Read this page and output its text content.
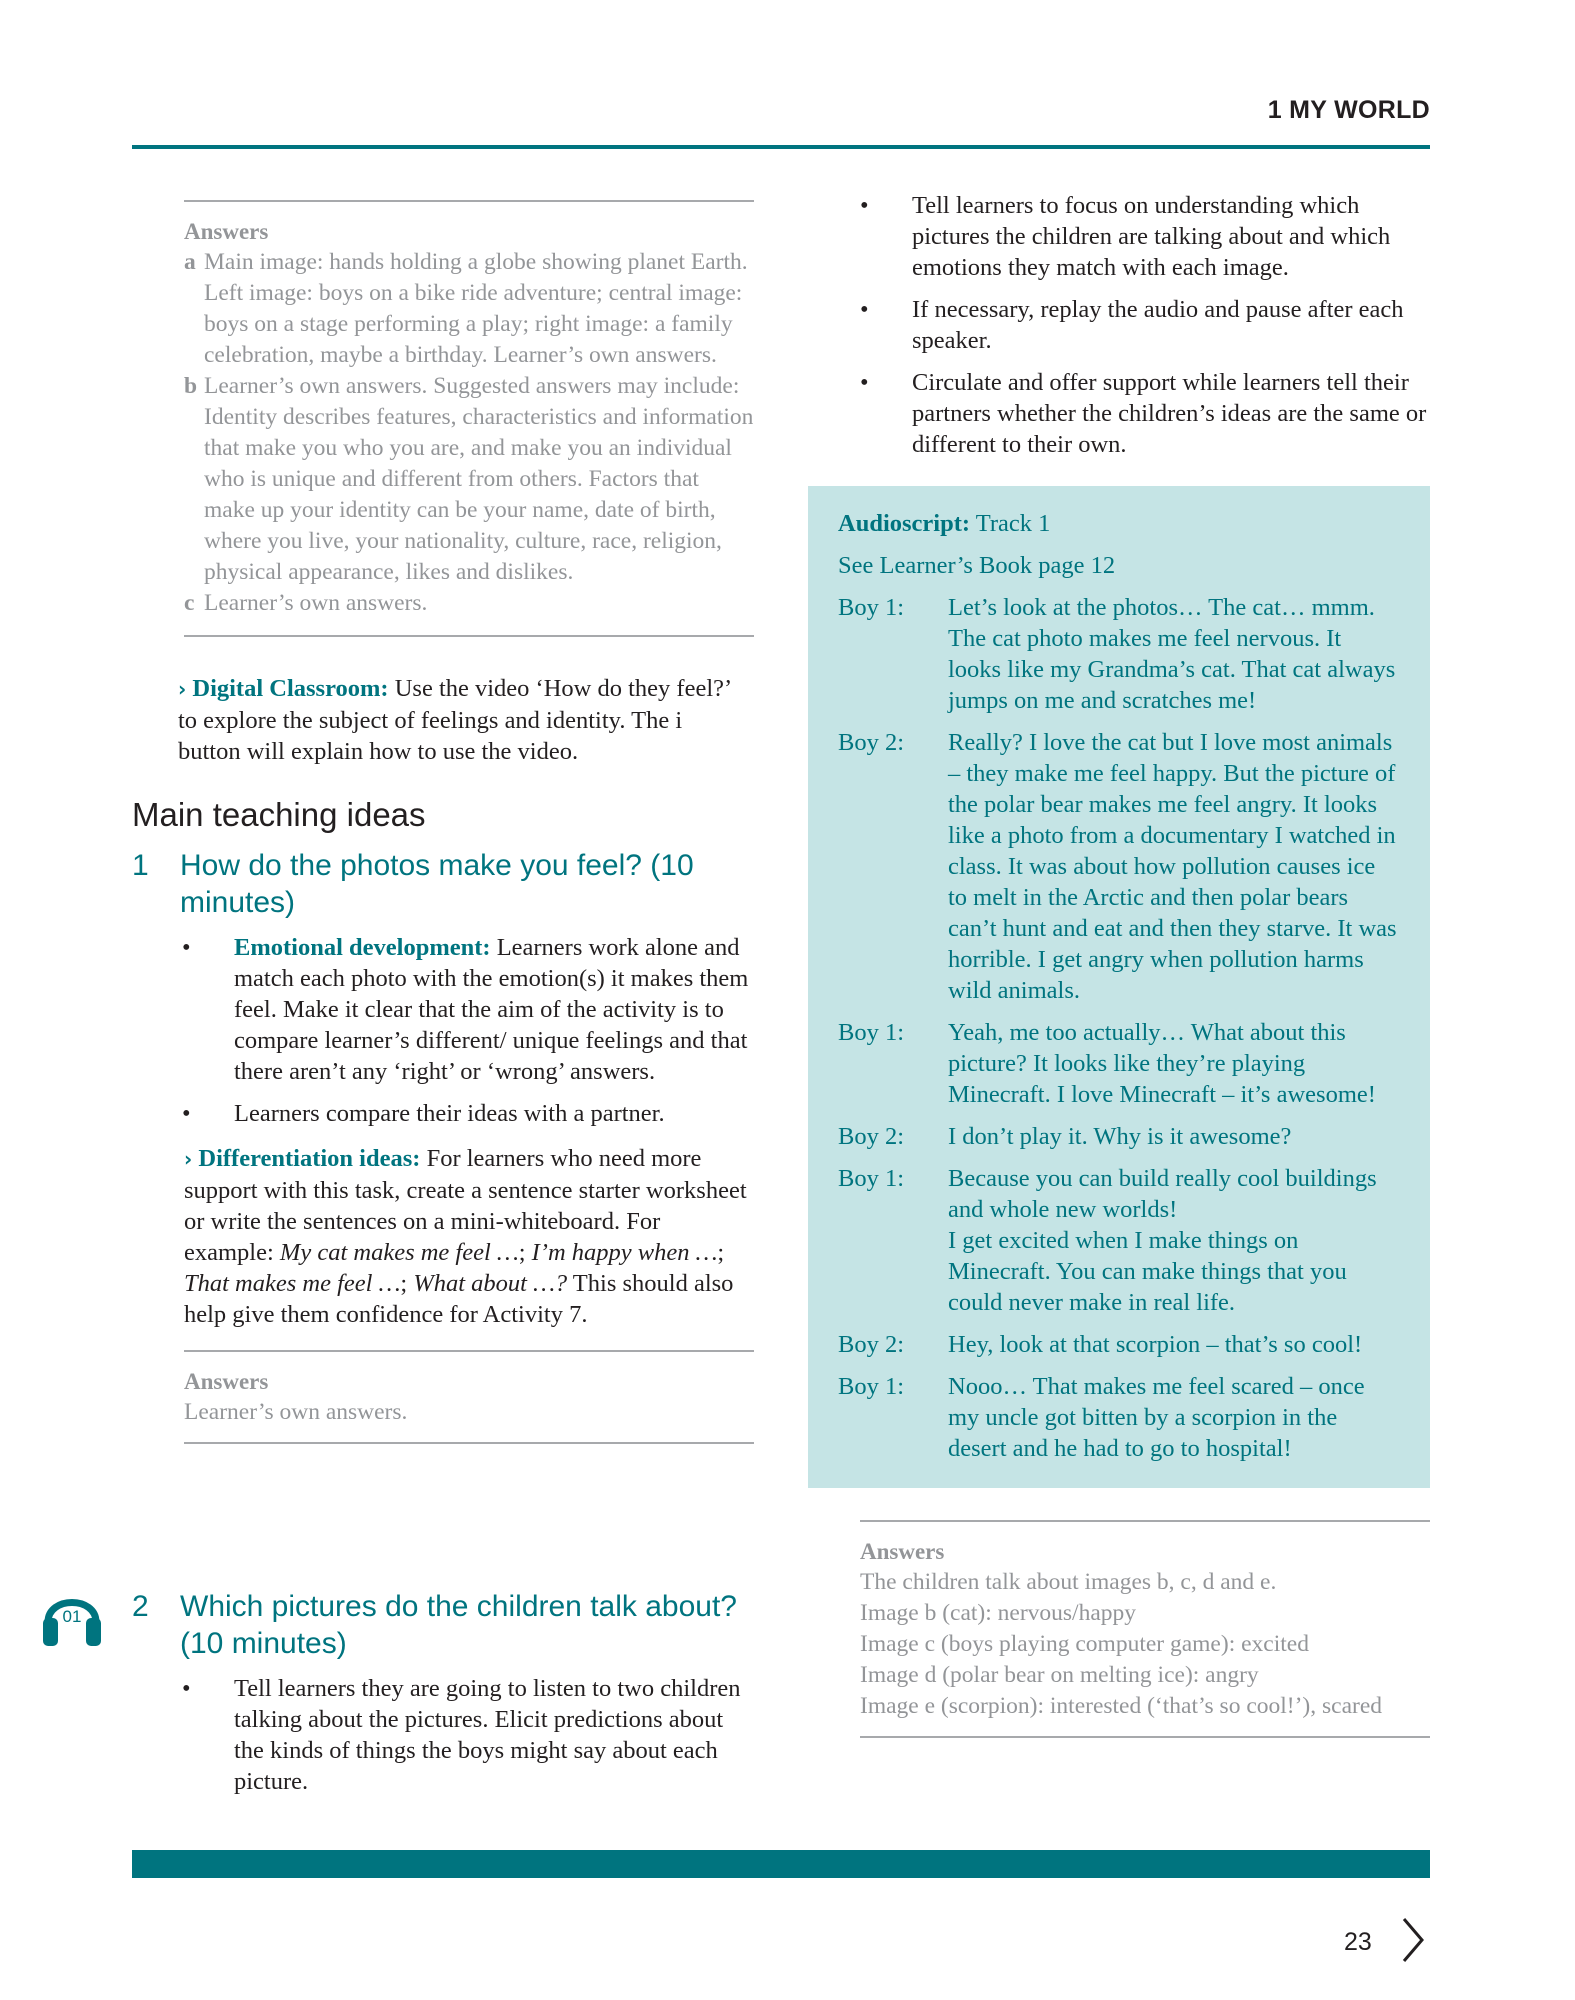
1 MY WORLD
Answers
a Main image: hands holding a globe showing planet Earth. Left image: boys on a bike ride adventure; central image: boys on a stage performing a play; right image: a family celebration, maybe a birthday. Learner’s own answers.
b Learner’s own answers. Suggested answers may include: Identity describes features, characteristics and information that make you who you are, and make you an individual who is unique and different from others. Factors that make up your identity can be your name, date of birth, where you live, your nationality, culture, race, religion, physical appearance, likes and dislikes.
c Learner’s own answers.
› Digital Classroom: Use the video ‘How do they feel?’ to explore the subject of feelings and identity. The i button will explain how to use the video.
Main teaching ideas
1 How do the photos make you feel? (10 minutes)
• Emotional development: Learners work alone and match each photo with the emotion(s) it makes them feel. Make it clear that the aim of the activity is to compare learner’s different/ unique feelings and that there aren’t any ‘right’ or ‘wrong’ answers.
• Learners compare their ideas with a partner.
› Differentiation ideas: For learners who need more support with this task, create a sentence starter worksheet or write the sentences on a mini-whiteboard. For example: My cat makes me feel …; I’m happy when …; That makes me feel …; What about …? This should also help give them confidence for Activity 7.
Answers
Learner’s own answers.
01 2 Which pictures do the children talk about? (10 minutes)
• Tell learners they are going to listen to two children talking about the pictures. Elicit predictions about the kinds of things the boys might say about each picture.
• Tell learners to focus on understanding which pictures the children are talking about and which emotions they match with each image.
• If necessary, replay the audio and pause after each speaker.
• Circulate and offer support while learners tell their partners whether the children’s ideas are the same or different to their own.
Audioscript: Track 1
See Learner’s Book page 12
Boy 1:	Let’s look at the photos… The cat… mmm. The cat photo makes me feel nervous. It looks like my Grandma’s cat. That cat always jumps on me and scratches me!
Boy 2:	Really? I love the cat but I love most animals – they make me feel happy. But the picture of the polar bear makes me feel angry. It looks like a photo from a documentary I watched in class. It was about how pollution causes ice to melt in the Arctic and then polar bears can’t hunt and eat and then they starve. It was horrible. I get angry when pollution harms wild animals.
Boy 1:	Yeah, me too actually… What about this picture? It looks like they’re playing Minecraft. I love Minecraft – it’s awesome!
Boy 2:	I don’t play it. Why is it awesome?
Boy 1:	Because you can build really cool buildings and whole new worlds!
I get excited when I make things on Minecraft. You can make things that you could never make in real life.
Boy 2:	Hey, look at that scorpion – that’s so cool!
Boy 1:	Nooo… That makes me feel scared – once my uncle got bitten by a scorpion in the desert and he had to go to hospital!
Answers
The children talk about images b, c, d and e.
Image b (cat): nervous/happy
Image c (boys playing computer game): excited
Image d (polar bear on melting ice): angry
Image e (scorpion): interested (‘that’s so cool!’), scared
23
